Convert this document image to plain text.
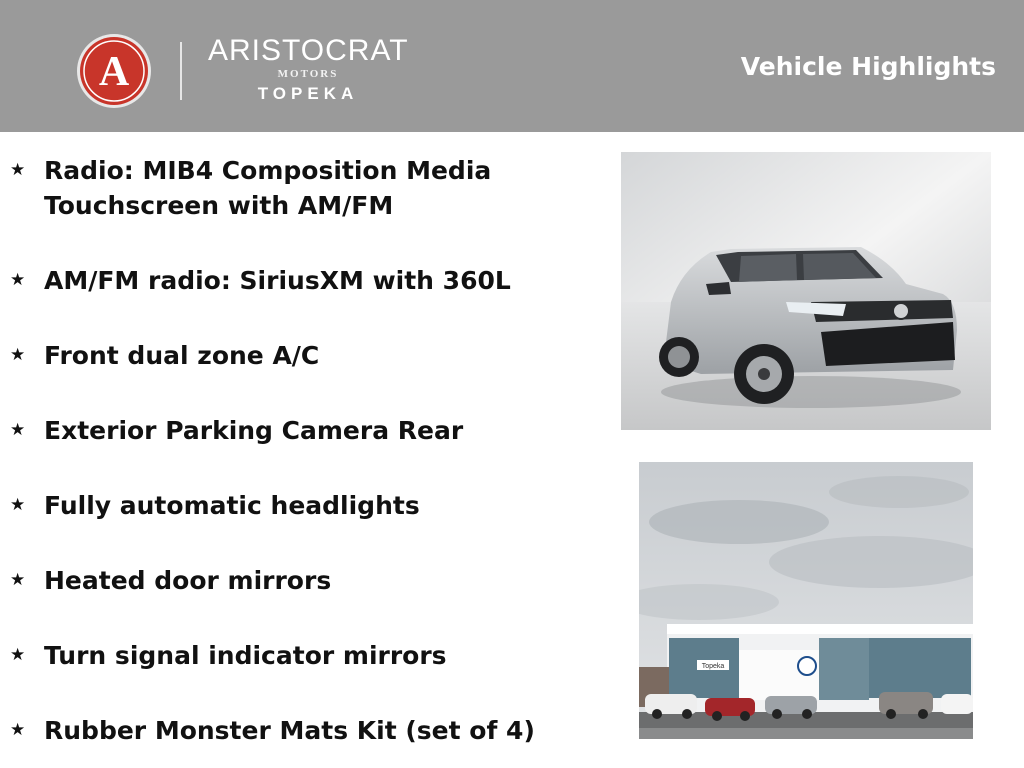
A	ARISTOCRAT
MOTORS
TOPEKA
Vehicle Highlights
★ Radio: MIB4 Composition Media Touchscreen with AM/FM
★ AM/FM radio: SiriusXM with 360L
★ Front dual zone A/C
★ Exterior Parking Camera Rear
★ Fully automatic headlights
★ Heated door mirrors
★ Turn signal indicator mirrors
★ Rubber Monster Mats Kit (set of 4)
Topeka
